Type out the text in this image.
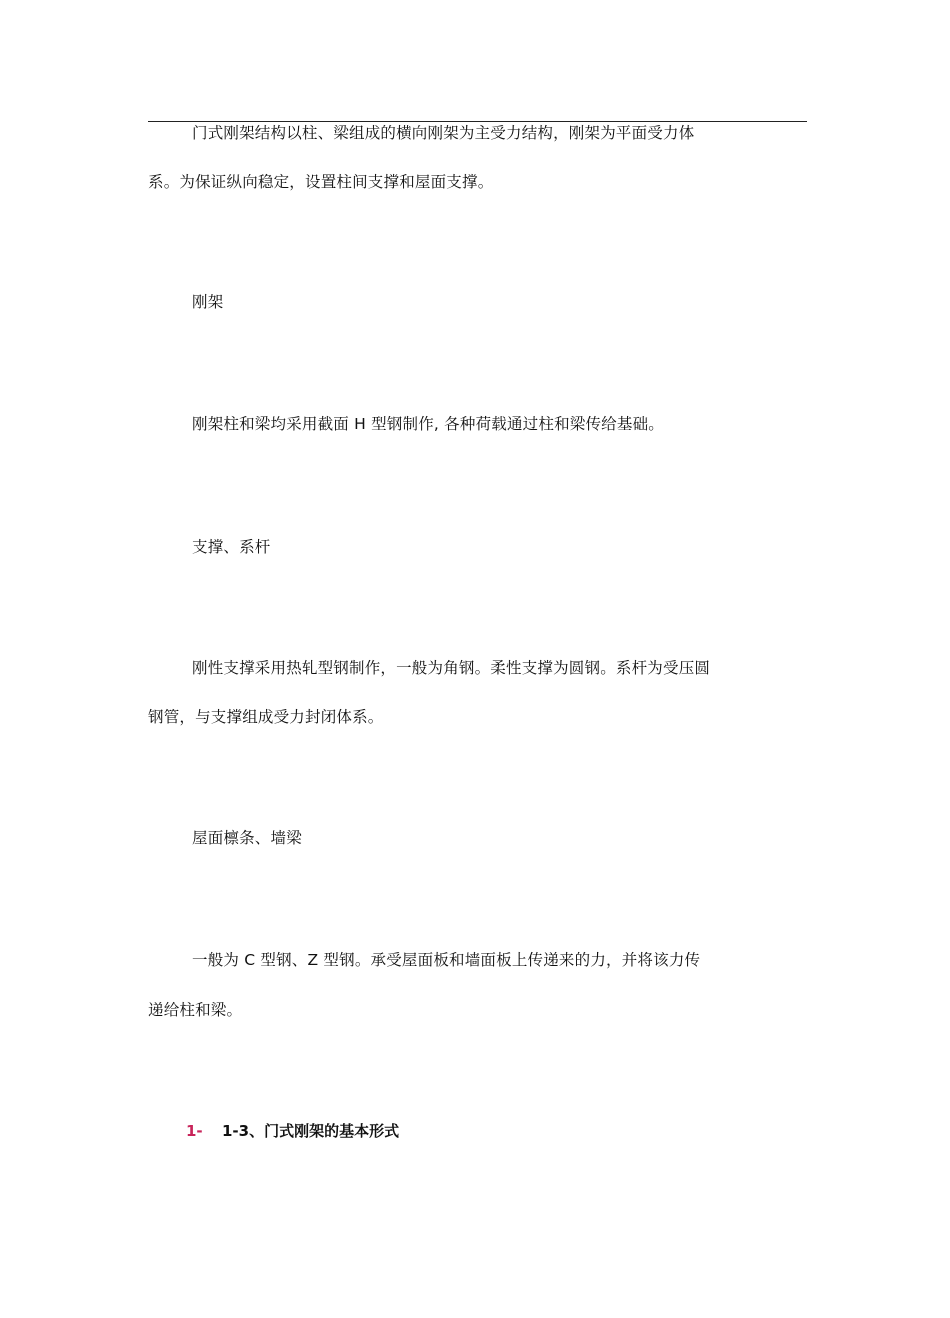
门式刚架结构以柱、梁组成的横向刚架为主受力结构，刚架为平面受力体
系。为保证纵向稳定，设置柱间支撑和屋面支撑。
刚架
刚架柱和梁均采用截面 H 型钢制作, 各种荷载通过柱和梁传给基础。
支撑、系杆
刚性支撑采用热轧型钢制作，一般为角钢。柔性支撑为圆钢。系杆为受压圆
钢管，与支撑组成受力封闭体系。
屋面檩条、墙梁
一般为 C 型钢、Z 型钢。承受屋面板和墙面板上传递来的力，并将该力传
递给柱和梁。
1- 1-3、门式刚架的基本形式
